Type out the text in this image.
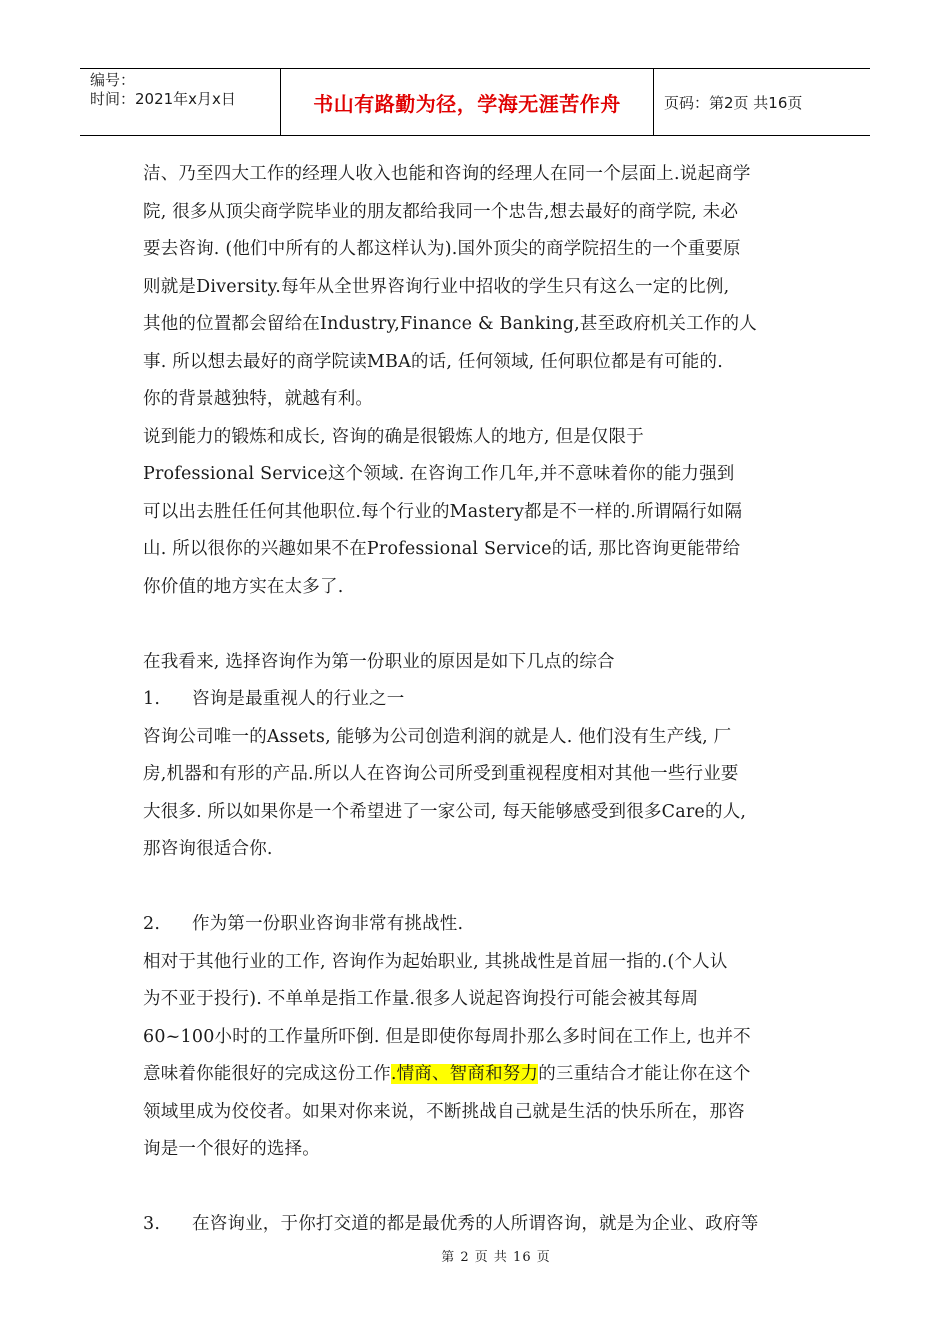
编号：
时间：2021年x月x日	书山有路勤为径，学海无涯苦作舟	页码：第2页 共16页
洁、乃至四大工作的经理人收入也能和咨询的经理人在同一个层面上.说起商学
院, 很多从顶尖商学院毕业的朋友都给我同一个忠告,想去最好的商学院, 未必
要去咨询. (他们中所有的人都这样认为).国外顶尖的商学院招生的一个重要原
则就是Diversity.每年从全世界咨询行业中招收的学生只有这么一定的比例,
其他的位置都会留给在Industry,Finance & Banking,甚至政府机关工作的人
事. 所以想去最好的商学院读MBA的话, 任何领域, 任何职位都是有可能的.
你的背景越独特，就越有利。
说到能力的锻炼和成长, 咨询的确是很锻炼人的地方, 但是仅限于
Professional Service这个领域. 在咨询工作几年,并不意味着你的能力强到
可以出去胜任任何其他职位.每个行业的Mastery都是不一样的.所谓隔行如隔
山. 所以很你的兴趣如果不在Professional Service的话, 那比咨询更能带给
你价值的地方实在太多了.
在我看来, 选择咨询作为第一份职业的原因是如下几点的综合
1. 咨询是最重视人的行业之一
咨询公司唯一的Assets, 能够为公司创造利润的就是人. 他们没有生产线, 厂
房,机器和有形的产品.所以人在咨询公司所受到重视程度相对其他一些行业要
大很多. 所以如果你是一个希望进了一家公司, 每天能够感受到很多Care的人,
那咨询很适合你.
2. 作为第一份职业咨询非常有挑战性.
相对于其他行业的工作, 咨询作为起始职业, 其挑战性是首屈一指的.(个人认
为不亚于投行). 不单单是指工作量.很多人说起咨询投行可能会被其每周
60~100小时的工作量所吓倒. 但是即使你每周扑那么多时间在工作上, 也并不
意味着你能很好的完成这份工作.情商、智商和努力的三重结合才能让你在这个
领域里成为佼佼者。如果对你来说，不断挑战自己就是生活的快乐所在，那咨
询是一个很好的选择。
3. 在咨询业，于你打交道的都是最优秀的人所谓咨询，就是为企业、政府等
第 2 页 共 16 页
